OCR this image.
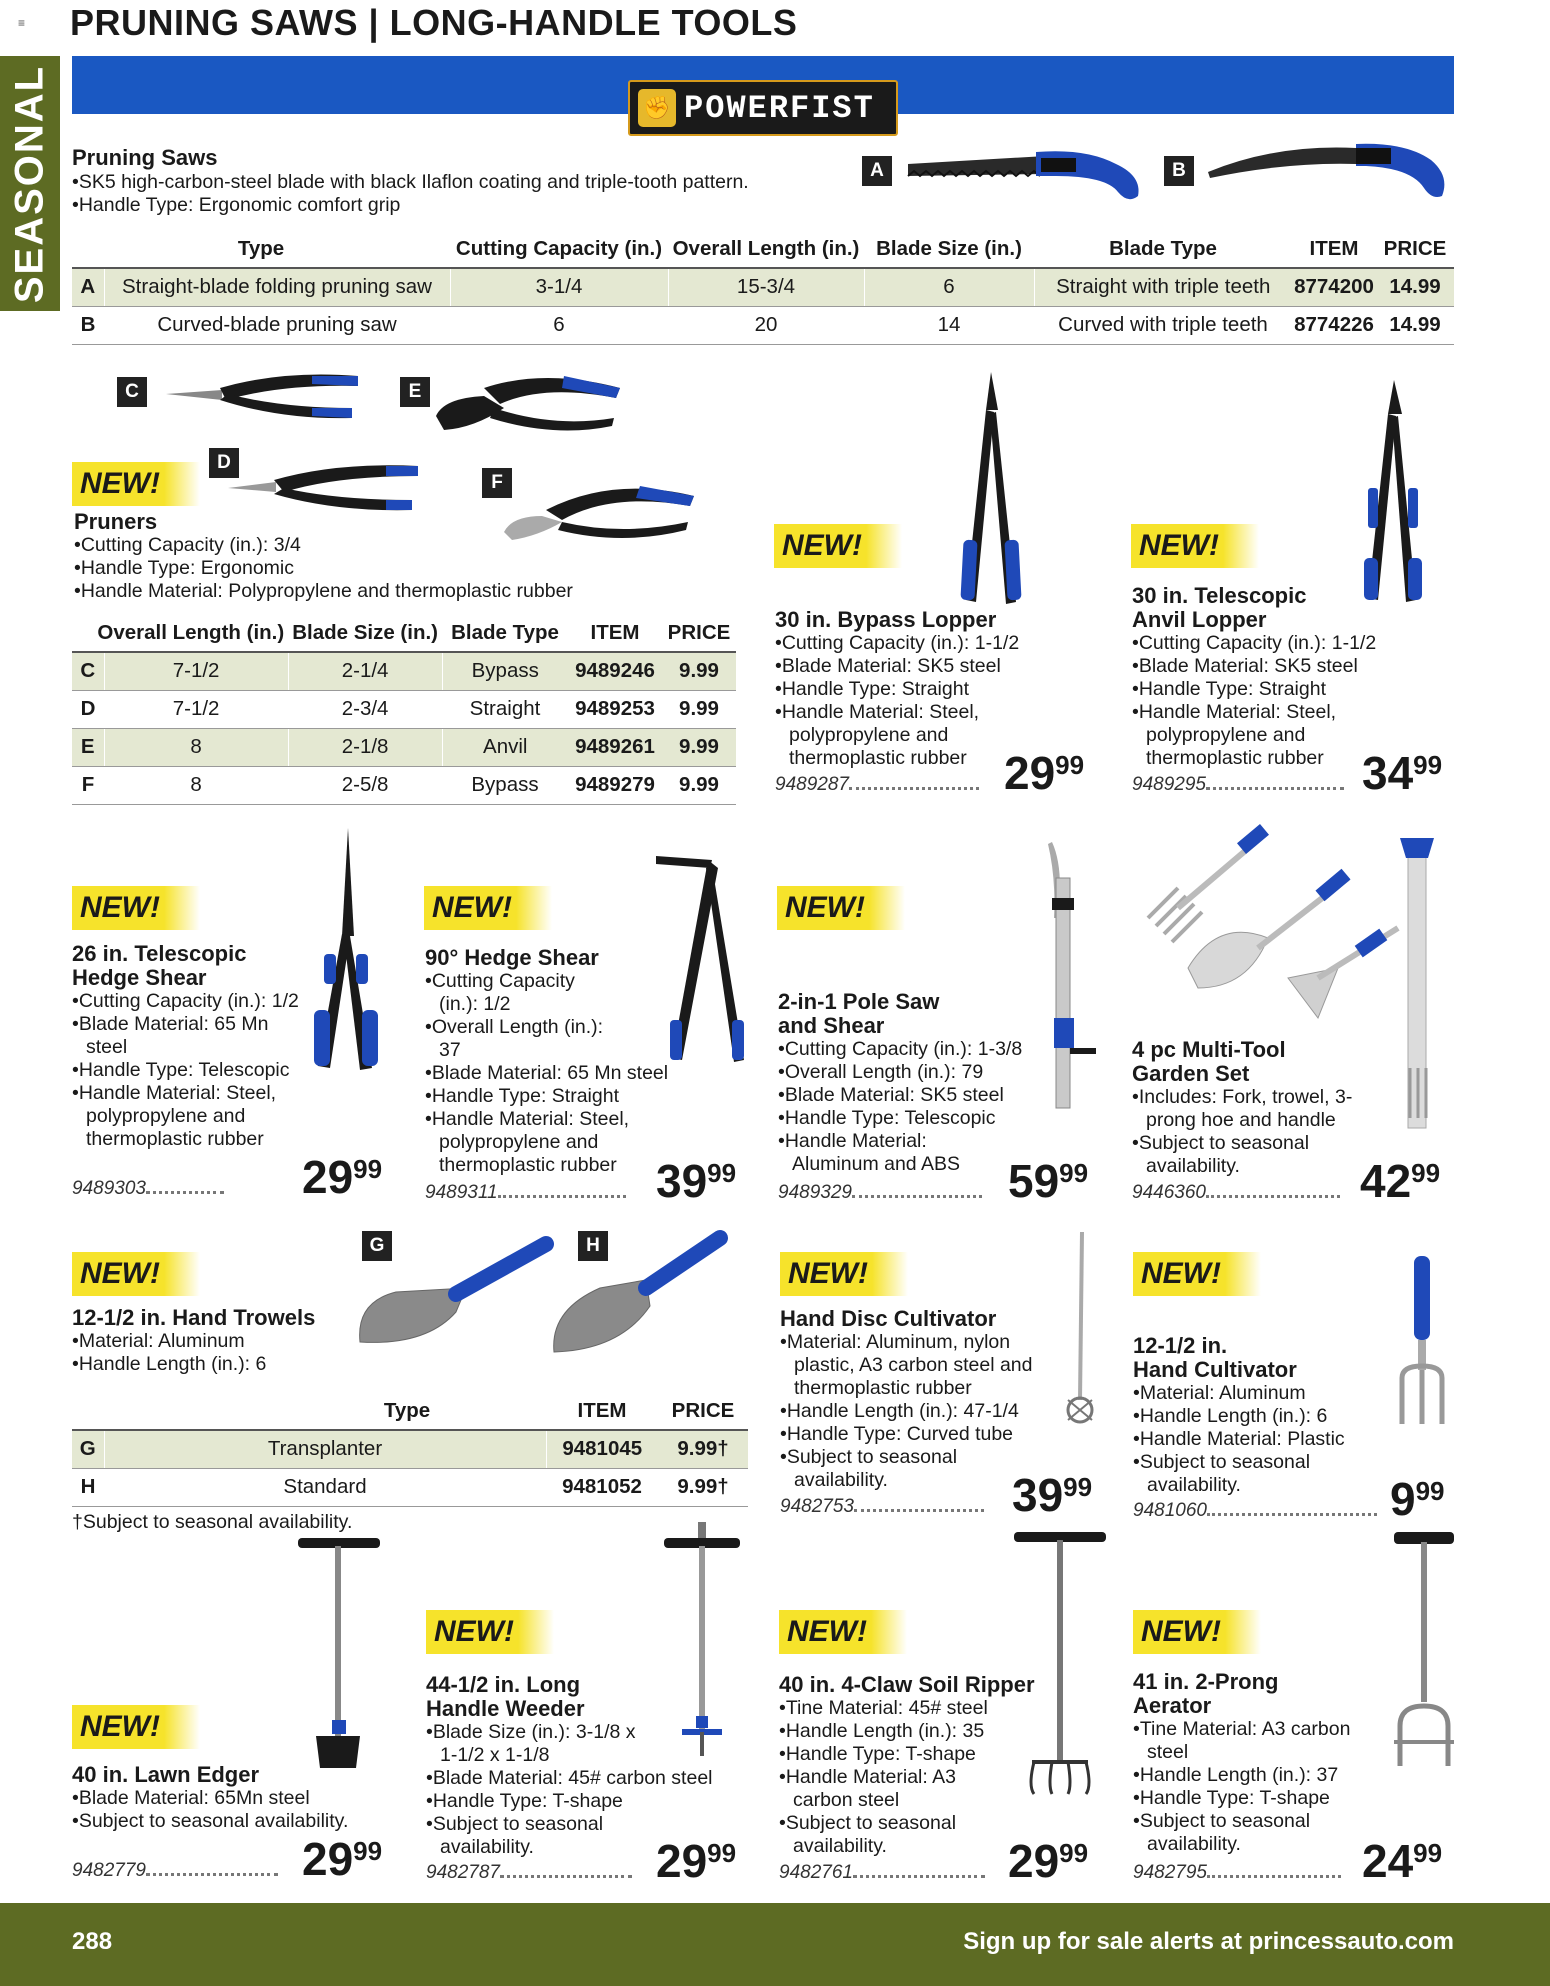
≡ PRUNING SAWS | LONG-HANDLE TOOLS
SEASONAL	✊ POWERFIST
Pruning Saws
•SK5 high-carbon-steel blade with black Ilaflon coating and triple-tooth pattern.
•Handle Type: Ergonomic comfort grip
A	B
Type		Cutting Capacity (in.)	Overall Length (in.)	Blade Size (in.)	Blade Type	ITEM	PRICE
A	Straight-blade folding pruning saw	3-1/4	15-3/4	6	Straight with triple teeth	8774200	14.99
B	Curved-blade pruning saw	6	20	14	Curved with triple teeth	8774226	14.99
C	E
NEW!
D
F
Pruners
•Cutting Capacity (in.): 3/4
•Handle Type: Ergonomic
•Handle Material: Polypropylene and thermoplastic rubber
Overall Length (in.)		Blade Size (in.)	Blade Type	ITEM	PRICE
C	7-1/2	2-1/4	Bypass	9489246	9.99
D	7-1/2	2-3/4	Straight	9489253	9.99
E	8	2-1/8	Anvil	9489261	9.99
F	8	2-5/8	Bypass	9489279	9.99
NEW!
30 in. Bypass Lopper
•Cutting Capacity (in.): 1-1/2
•Blade Material: SK5 steel
•Handle Type: Straight
•Handle Material: Steel, polypropylene and thermoplastic rubber
9489287	2999
NEW!
30 in. Telescopic
Anvil Lopper
•Cutting Capacity (in.): 1-1/2
•Blade Material: SK5 steel
•Handle Type: Straight
•Handle Material: Steel, polypropylene and thermoplastic rubber
9489295	3499
NEW!
26 in. Telescopic
Hedge Shear
•Cutting Capacity (in.): 1/2
•Blade Material: 65 Mn steel
•Handle Type: Telescopic
•Handle Material: Steel, polypropylene and thermoplastic rubber
9489303	2999
NEW!
90° Hedge Shear
•Cutting Capacity (in.): 1/2
•Overall Length (in.): 37
•Blade Material: 65 Mn steel
•Handle Type: Straight
•Handle Material: Steel, polypropylene and thermoplastic rubber
9489311	3999
NEW!
2-in-1 Pole Saw
and Shear
•Cutting Capacity (in.): 1-3/8
•Overall Length (in.): 79
•Blade Material: SK5 steel
•Handle Type: Telescopic
•Handle Material: Aluminum and ABS
9489329	5999
4 pc Multi-Tool
Garden Set
•Includes: Fork, trowel, 3-prong hoe and handle
•Subject to seasonal availability.
9446360	4299
NEW!
G	H
12-1/2 in. Hand Trowels
•Material: Aluminum
•Handle Length (in.): 6
Type		ITEM	PRICE
G	Transplanter	9481045	9.99†
H	Standard	9481052	9.99†
†Subject to seasonal availability.
NEW!
Hand Disc Cultivator
•Material: Aluminum, nylon plastic, A3 carbon steel and thermoplastic rubber
•Handle Length (in.): 47-1/4
•Handle Type: Curved tube
•Subject to seasonal availability.
9482753	3999
NEW!
12-1/2 in.
Hand Cultivator
•Material: Aluminum
•Handle Length (in.): 6
•Handle Material: Plastic
•Subject to seasonal availability.
9481060	999
NEW!
40 in. Lawn Edger
•Blade Material: 65Mn steel
•Subject to seasonal availability.
9482779	2999
NEW!
44-1/2 in. Long
Handle Weeder
•Blade Size (in.): 3-1/8 x 1-1/2 x 1-1/8
•Blade Material: 45# carbon steel
•Handle Type: T-shape
•Subject to seasonal availability.
9482787	2999
NEW!
40 in. 4-Claw Soil Ripper
•Tine Material: 45# steel
•Handle Length (in.): 35
•Handle Type: T-shape
•Handle Material: A3 carbon steel
•Subject to seasonal availability.
9482761	2999
NEW!
41 in. 2-Prong
Aerator
•Tine Material: A3 carbon steel
•Handle Length (in.): 37
•Handle Type: T-shape
•Subject to seasonal availability.
9482795	2499
288	Sign up for sale alerts at princessauto.com
